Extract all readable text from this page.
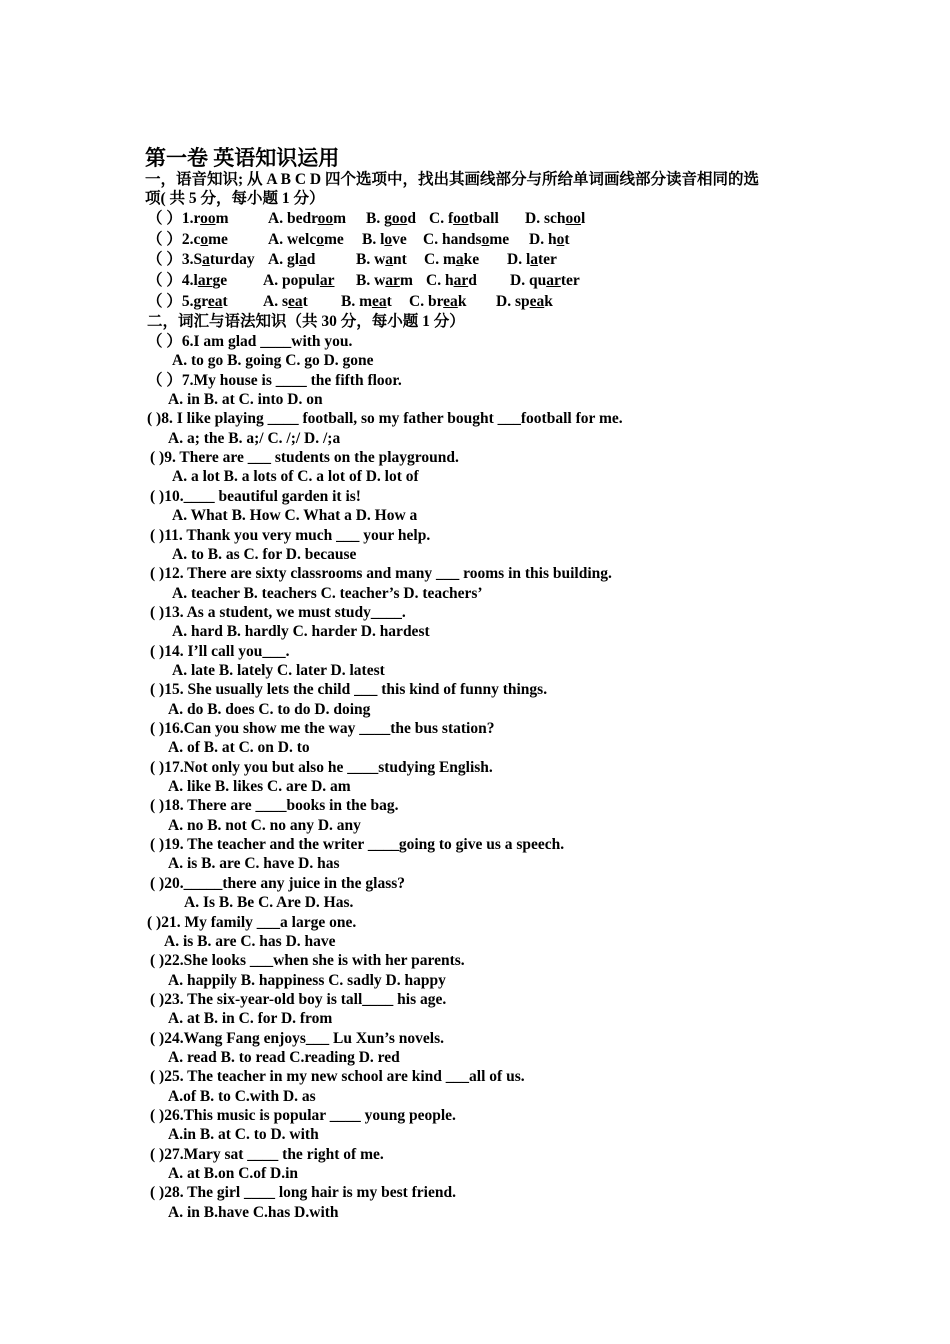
第一卷 英语知识运用
一，语音知识; 从 A B C D 四个选项中，找出其画线部分与所给单词画线部分读音相同的选
项( 共 5 分，每小题 1 分）
（ ）1.room	A. bedroom B. good C. football D. school
（ ）2.come	A. welcome B. love C. handsome D. hot
（ ）3.Saturday A. glad	B. want C. make D. later
（ ）4.large A. popular B. warm C. hard D. quarter
（ ）5.great A. seat B. meat C. break D. speak
二，词汇与语法知识（共 30 分，每小题 1 分）
（ ）6.I am glad ____with you.
A. to go B. going C. go D. gone
（ ）7.My house is ____ the fifth floor.
A. in B. at C. into D. on
( )8. I like playing ____ football, so my father bought ___football for me.
A. a; the B. a;/ C. /;/ D. /;a
( )9. There are ___ students on the playground.
A. a lot B. a lots of C. a lot of D. lot of
( )10.____ beautiful garden it is!
A. What B. How C. What a D. How a
( )11. Thank you very much ___ your help.
A. to B. as C. for D. because
( )12. There are sixty classrooms and many ___ rooms in this building.
A. teacher B. teachers C. teacher’s D. teachers’
( )13. As a student, we must study____.
A. hard B. hardly C. harder D. hardest
( )14. I’ll call you___.
A. late B. lately C. later D. latest
( )15. She usually lets the child ___ this kind of funny things.
A. do B. does C. to do D. doing
( )16.Can you show me the way ____the bus station?
A. of B. at C. on D. to
( )17.Not only you but also he ____studying English.
A. like B. likes C. are D. am
( )18. There are ____books in the bag.
A. no B. not C. no any D. any
( )19. The teacher and the writer ____going to give us a speech.
A. is B. are C. have D. has
( )20._____there any juice in the glass?
A. Is B. Be C. Are D. Has.
( )21. My family ___a large one.
A. is B. are C. has D. have
( )22.She looks ___when she is with her parents.
A. happily B. happiness C. sadly D. happy
( )23. The six-year-old boy is tall____ his age.
A. at B. in C. for D. from
( )24.Wang Fang enjoys___ Lu Xun’s novels.
A. read B. to read C.reading D. red
( )25. The teacher in my new school are kind ___all of us.
A.of B. to C.with D. as
( )26.This music is popular ____ young people.
A.in B. at C. to D. with
( )27.Mary sat ____ the right of me.
A. at B.on C.of D.in
( )28. The girl ____ long hair is my best friend.
A. in B.have C.has D.with
